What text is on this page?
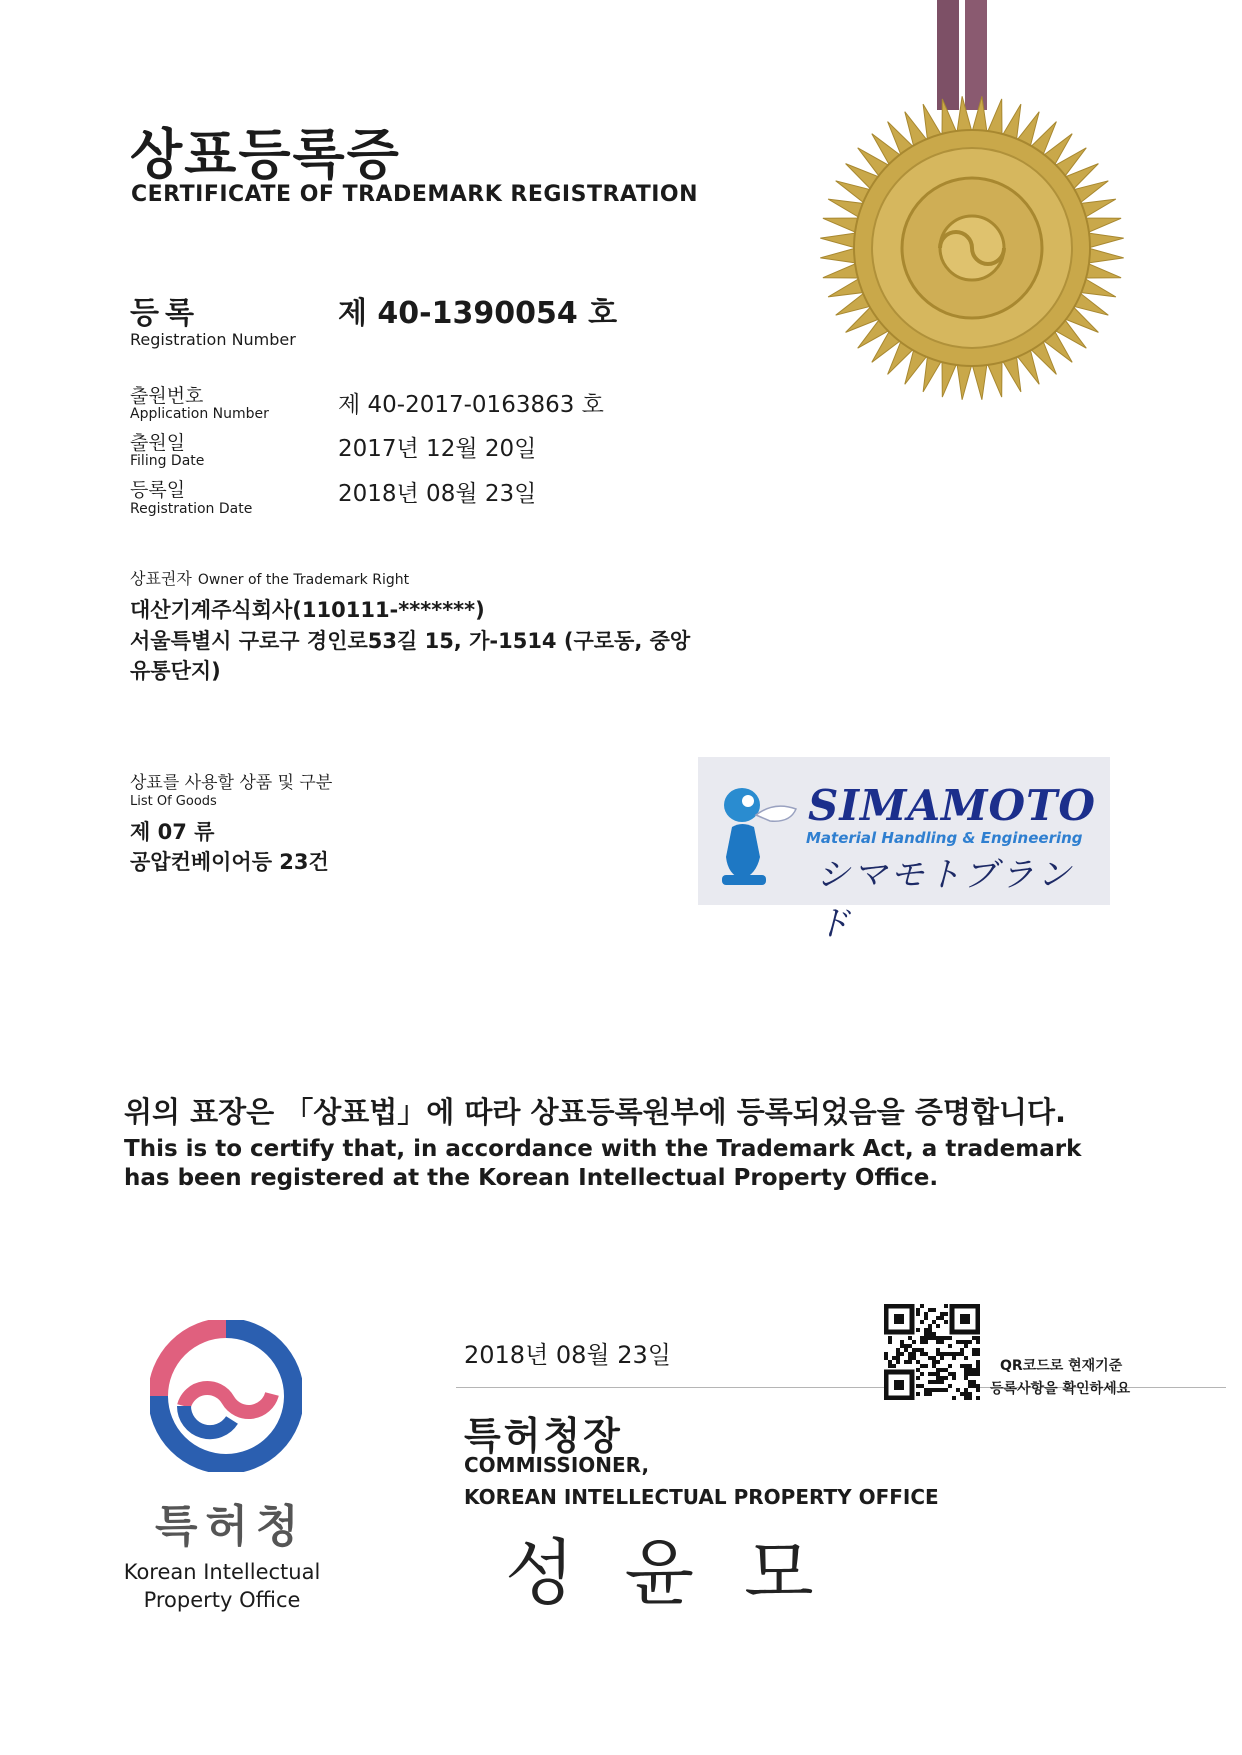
상표등록증
CERTIFICATE OF TRADEMARK REGISTRATION
등록
Registration Number
제 40-1390054 호
출원번호
Application Number	제 40-2017-0163863 호
출원일
Filing Date	2017년 12월 20일
등록일
Registration Date
2018년 08월 23일
상표권자 Owner of the Trademark Right
대산기계주식회사(110111-*******)
서울특별시 구로구 경인로53길 15, 가-1514 (구로동, 중앙
유통단지)
상표를 사용할 상품 및 구분
List Of Goods
제 07 류
공압컨베이어등 23건
SIMAMOTO
Material Handling & Engineering
シマモトブランド
위의 표장은 「상표법」에 따라 상표등록원부에 등록되었음을 증명합니다.
This is to certify that, in accordance with the Trademark Act, a trademark
has been registered at the Korean Intellectual Property Office.
특허청
Korean Intellectual
Property Office
2018년 08월 23일
특허청장
COMMISSIONER,
KOREAN INTELLECTUAL PROPERTY OFFICE
성윤모
QR코드로 현재기준
등록사항을 확인하세요
